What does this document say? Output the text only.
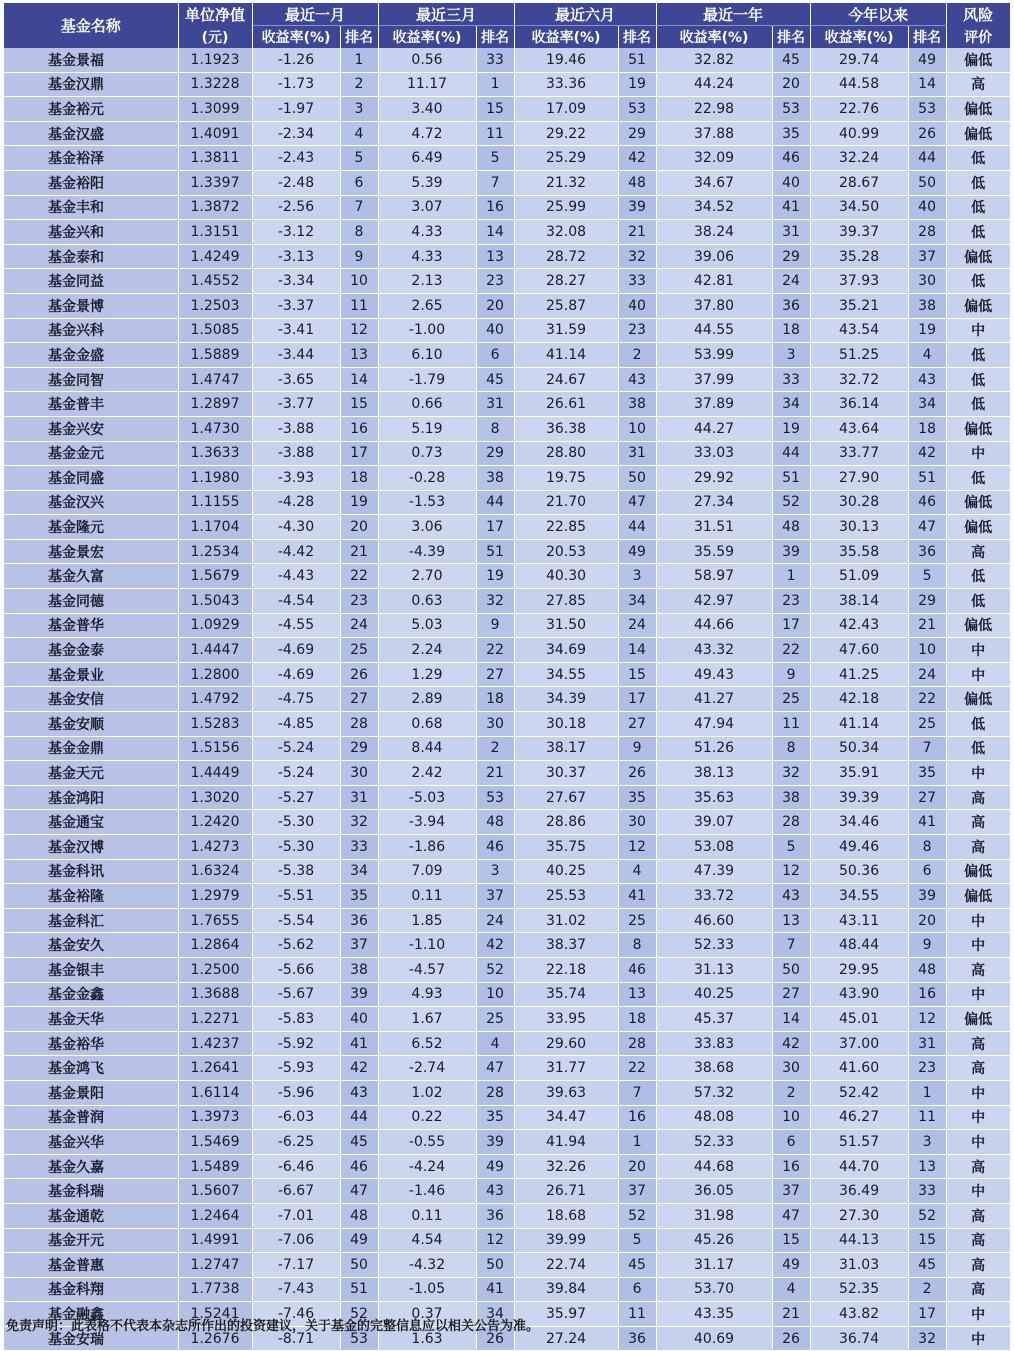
基金名称	单位净值	最近一月		最近三月		最近六月		最近一年		今年以来		风险
	(元)	收益率(%)	排名	收益率(%)	排名	收益率(%)	排名	收益率(%)	排名	收益率(%)	排名	评价
基金景福	1.1923	-1.26	1	0.56	33	19.46	51	32.82	45	29.74	49	偏低
基金汉鼎	1.3228	-1.73	2	11.17	1	33.36	19	44.24	20	44.58	14	高
基金裕元	1.3099	-1.97	3	3.40	15	17.09	53	22.98	53	22.76	53	偏低
基金汉盛	1.4091	-2.34	4	4.72	11	29.22	29	37.88	35	40.99	26	偏低
基金裕泽	1.3811	-2.43	5	6.49	5	25.29	42	32.09	46	32.24	44	低
基金裕阳	1.3397	-2.48	6	5.39	7	21.32	48	34.67	40	28.67	50	低
基金丰和	1.3872	-2.56	7	3.07	16	25.99	39	34.52	41	34.50	40	低
基金兴和	1.3151	-3.12	8	4.33	14	32.08	21	38.24	31	39.37	28	低
基金泰和	1.4249	-3.13	9	4.33	13	28.72	32	39.06	29	35.28	37	偏低
基金同益	1.4552	-3.34	10	2.13	23	28.27	33	42.81	24	37.93	30	低
基金景博	1.2503	-3.37	11	2.65	20	25.87	40	37.80	36	35.21	38	偏低
基金兴科	1.5085	-3.41	12	-1.00	40	31.59	23	44.55	18	43.54	19	中
基金金盛	1.5889	-3.44	13	6.10	6	41.14	2	53.99	3	51.25	4	低
基金同智	1.4747	-3.65	14	-1.79	45	24.67	43	37.99	33	32.72	43	低
基金普丰	1.2897	-3.77	15	0.66	31	26.61	38	37.89	34	36.14	34	低
基金兴安	1.4730	-3.88	16	5.19	8	36.38	10	44.27	19	43.64	18	偏低
基金金元	1.3633	-3.88	17	0.73	29	28.80	31	33.03	44	33.77	42	中
基金同盛	1.1980	-3.93	18	-0.28	38	19.75	50	29.92	51	27.90	51	低
基金汉兴	1.1155	-4.28	19	-1.53	44	21.70	47	27.34	52	30.28	46	偏低
基金隆元	1.1704	-4.30	20	3.06	17	22.85	44	31.51	48	30.13	47	偏低
基金景宏	1.2534	-4.42	21	-4.39	51	20.53	49	35.59	39	35.58	36	高
基金久富	1.5679	-4.43	22	2.70	19	40.30	3	58.97	1	51.09	5	低
基金同德	1.5043	-4.54	23	0.63	32	27.85	34	42.97	23	38.14	29	低
基金普华	1.0929	-4.55	24	5.03	9	31.50	24	44.66	17	42.43	21	偏低
基金金泰	1.4447	-4.69	25	2.24	22	34.69	14	43.32	22	47.60	10	中
基金景业	1.2800	-4.69	26	1.29	27	34.55	15	49.43	9	41.25	24	中
基金安信	1.4792	-4.75	27	2.89	18	34.39	17	41.27	25	42.18	22	偏低
基金安顺	1.5283	-4.85	28	0.68	30	30.18	27	47.94	11	41.14	25	低
基金金鼎	1.5156	-5.24	29	8.44	2	38.17	9	51.26	8	50.34	7	低
基金天元	1.4449	-5.24	30	2.42	21	30.37	26	38.13	32	35.91	35	中
基金鸿阳	1.3020	-5.27	31	-5.03	53	27.67	35	35.63	38	39.39	27	高
基金通宝	1.2420	-5.30	32	-3.94	48	28.86	30	39.07	28	34.46	41	高
基金汉博	1.4273	-5.30	33	-1.86	46	35.75	12	53.08	5	49.46	8	高
基金科讯	1.6324	-5.38	34	7.09	3	40.25	4	47.39	12	50.36	6	偏低
基金裕隆	1.2979	-5.51	35	0.11	37	25.53	41	33.72	43	34.55	39	偏低
基金科汇	1.7655	-5.54	36	1.85	24	31.02	25	46.60	13	43.11	20	中
基金安久	1.2864	-5.62	37	-1.10	42	38.37	8	52.33	7	48.44	9	中
基金银丰	1.2500	-5.66	38	-4.57	52	22.18	46	31.13	50	29.95	48	高
基金金鑫	1.3688	-5.67	39	4.93	10	35.74	13	40.25	27	43.90	16	中
基金天华	1.2271	-5.83	40	1.67	25	33.95	18	45.37	14	45.01	12	偏低
基金裕华	1.4237	-5.92	41	6.52	4	29.60	28	33.83	42	37.00	31	高
基金鸿飞	1.2641	-5.93	42	-2.74	47	31.77	22	38.68	30	41.60	23	高
基金景阳	1.6114	-5.96	43	1.02	28	39.63	7	57.32	2	52.42	1	中
基金普润	1.3973	-6.03	44	0.22	35	34.47	16	48.08	10	46.27	11	中
基金兴华	1.5469	-6.25	45	-0.55	39	41.94	1	52.33	6	51.57	3	中
基金久嘉	1.5489	-6.46	46	-4.24	49	32.26	20	44.68	16	44.70	13	高
基金科瑞	1.5607	-6.67	47	-1.46	43	26.71	37	36.05	37	36.49	33	中
基金通乾	1.2464	-7.01	48	0.11	36	18.68	52	31.98	47	27.30	52	高
基金开元	1.4991	-7.06	49	4.54	12	39.99	5	45.26	15	44.13	15	高
基金普惠	1.2747	-7.17	50	-4.32	50	22.74	45	31.17	49	31.03	45	高
基金科翔	1.7738	-7.43	51	-1.05	41	39.84	6	53.70	4	52.35	2	高
基金融鑫	1.5241	-7.46	52	0.37	34	35.97	11	43.35	21	43.82	17	中
基金安瑞	1.2676	-8.71	53	1.63	26	27.24	36	40.69	26	36.74	32	中
免责声明：此表格不代表本杂志所作出的投资建议，关于基金的完整信息应以相关公告为准。
